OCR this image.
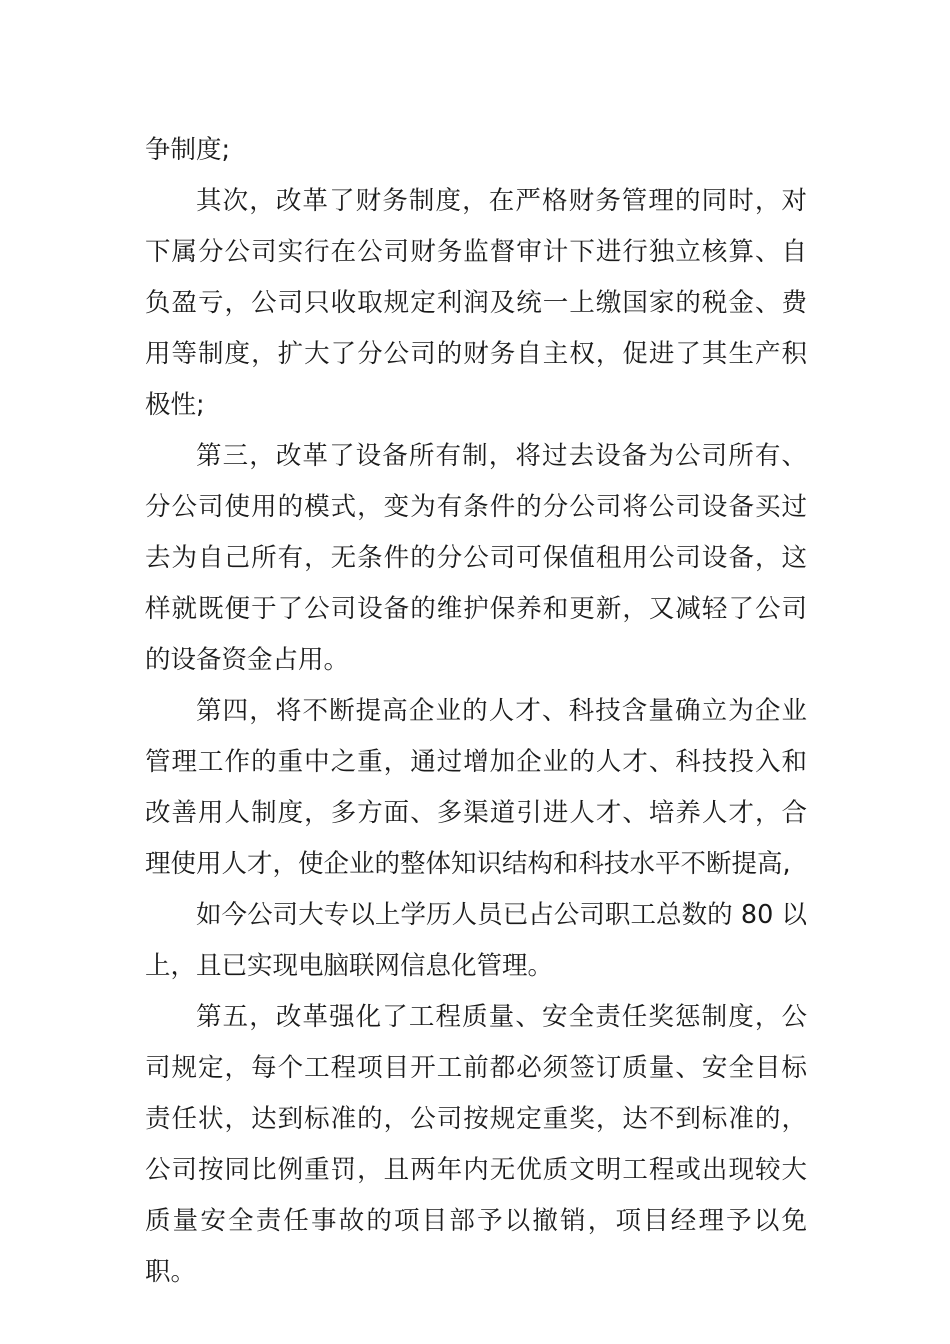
争制度;

其次，改革了财务制度，在严格财务管理的同时，对下属分公司实行在公司财务监督审计下进行独立核算、自负盈亏，公司只收取规定利润及统一上缴国家的税金、费用等制度，扩大了分公司的财务自主权，促进了其生产积极性;

第三，改革了设备所有制，将过去设备为公司所有、分公司使用的模式，变为有条件的分公司将公司设备买过去为自己所有，无条件的分公司可保值租用公司设备，这样就既便于了公司设备的维护保养和更新，又减轻了公司的设备资金占用。

第四，将不断提高企业的人才、科技含量确立为企业管理工作的重中之重，通过增加企业的人才、科技投入和改善用人制度，多方面、多渠道引进人才、培养人才，合理使用人才，使企业的整体知识结构和科技水平不断提高,

如今公司大专以上学历人员已占公司职工总数的 80 以上，且已实现电脑联网信息化管理。

第五，改革强化了工程质量、安全责任奖惩制度，公司规定，每个工程项目开工前都必须签订质量、安全目标责任状，达到标准的，公司按规定重奖，达不到标准的，公司按同比例重罚，且两年内无优质文明工程或出现较大质量安全责任事故的项目部予以撤销，项目经理予以免职。
